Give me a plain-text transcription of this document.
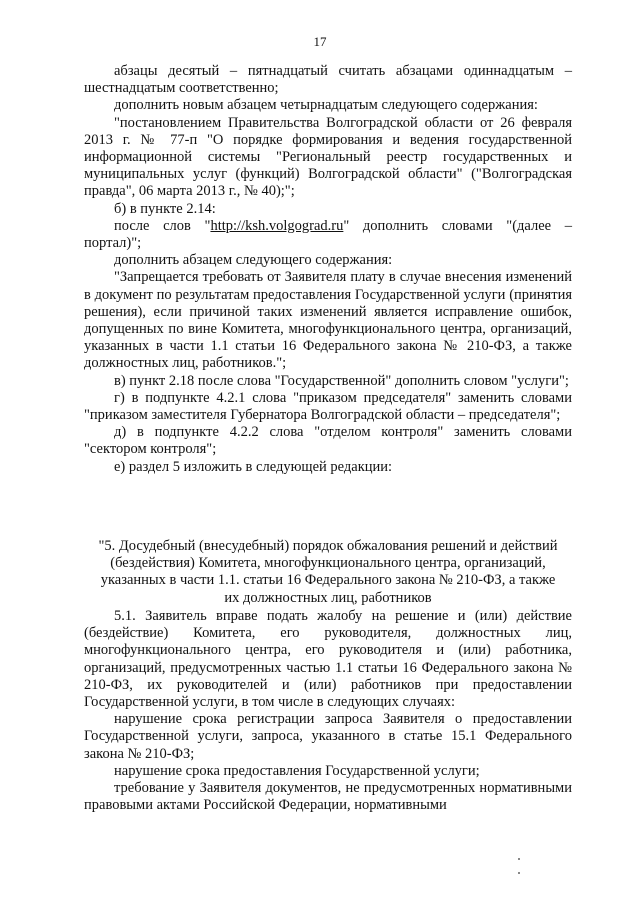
17

абзацы десятый – пятнадцатый считать абзацами одиннадцатым – шестнадцатым соответственно;

дополнить новым абзацем четырнадцатым следующего содержания:

"постановлением Правительства Волгоградской области от 26 февраля 2013 г. № 77-п "О порядке формирования и ведения государственной информационной системы "Региональный реестр государственных и муниципальных услуг (функций) Волгоградской области" ("Волгоградская правда", 06 марта 2013 г., № 40);";

б) в пункте 2.14:

после слов "http://ksh.volgograd.ru" дополнить словами "(далее – портал)";

дополнить абзацем следующего содержания:

"Запрещается требовать от Заявителя плату в случае внесения изменений в документ по результатам предоставления Государственной услуги (принятия решения), если причиной таких изменений является исправление ошибок, допущенных по вине Комитета, многофункционального центра, организаций, указанных в части 1.1 статьи 16 Федерального закона № 210-ФЗ, а также должностных лиц, работников.";

в) пункт 2.18 после слова "Государственной" дополнить словом "услуги";

г) в подпункте 4.2.1 слова "приказом председателя" заменить словами "приказом заместителя Губернатора Волгоградской области – председателя";

д) в подпункте 4.2.2 слова "отделом контроля" заменить словами "сектором контроля";

е) раздел 5 изложить в следующей редакции:

"5. Досудебный (внесудебный) порядок обжалования решений и действий

(бездействия) Комитета, многофункционального центра, организаций,

указанных в части 1.1. статьи 16 Федерального закона № 210-ФЗ, а также

их должностных лиц, работников

5.1. Заявитель вправе подать жалобу на решение и (или) действие (бездействие) Комитета, его руководителя, должностных лиц, многофункционального центра, его руководителя и (или) работника, организаций, предусмотренных частью 1.1 статьи 16 Федерального закона № 210-ФЗ, их руководителей и (или) работников при предоставлении Государственной услуги, в том числе в следующих случаях:

нарушение срока регистрации запроса Заявителя о предоставлении Государственной услуги, запроса, указанного в статье 15.1 Федерального закона № 210-ФЗ;

нарушение срока предоставления Государственной услуги;

требование у Заявителя документов, не предусмотренных нормативными правовыми актами Российской Федерации, нормативными
